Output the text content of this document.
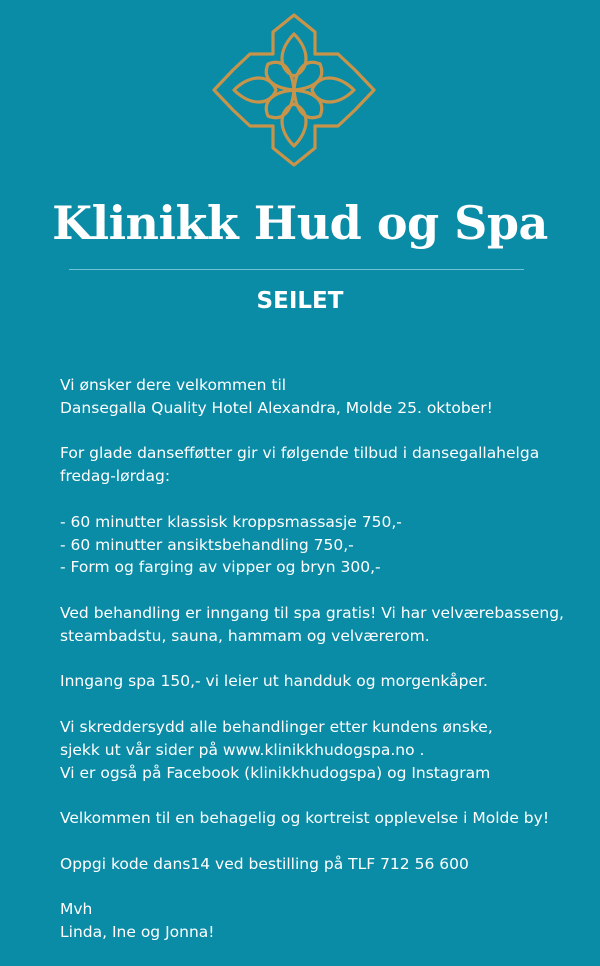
Klinikk Hud og Spa
SEILET
Vi ønsker dere velkommen til
Dansegalla Quality Hotel Alexandra, Molde 25. oktober!
For glade dansefføtter gir vi følgende tilbud i dansegallahelga
fredag-lørdag:
- 60 minutter klassisk kroppsmassasje 750,-
- 60 minutter ansiktsbehandling 750,-
- Form og farging av vipper og bryn 300,-
Ved behandling er inngang til spa gratis! Vi har velværebasseng,
steambadstu, sauna, hammam og velværerom.
Inngang spa 150,- vi leier ut handduk og morgenkåper.
Vi skreddersydd alle behandlinger etter kundens ønske,
sjekk ut vår sider på www.klinikkhudogspa.no .
Vi er også på Facebook (klinikkhudogspa) og Instagram
Velkommen til en behagelig og kortreist opplevelse i Molde by!
Oppgi kode dans14 ved bestilling på TLF 712 56 600
Mvh
Linda, Ine og Jonna!
